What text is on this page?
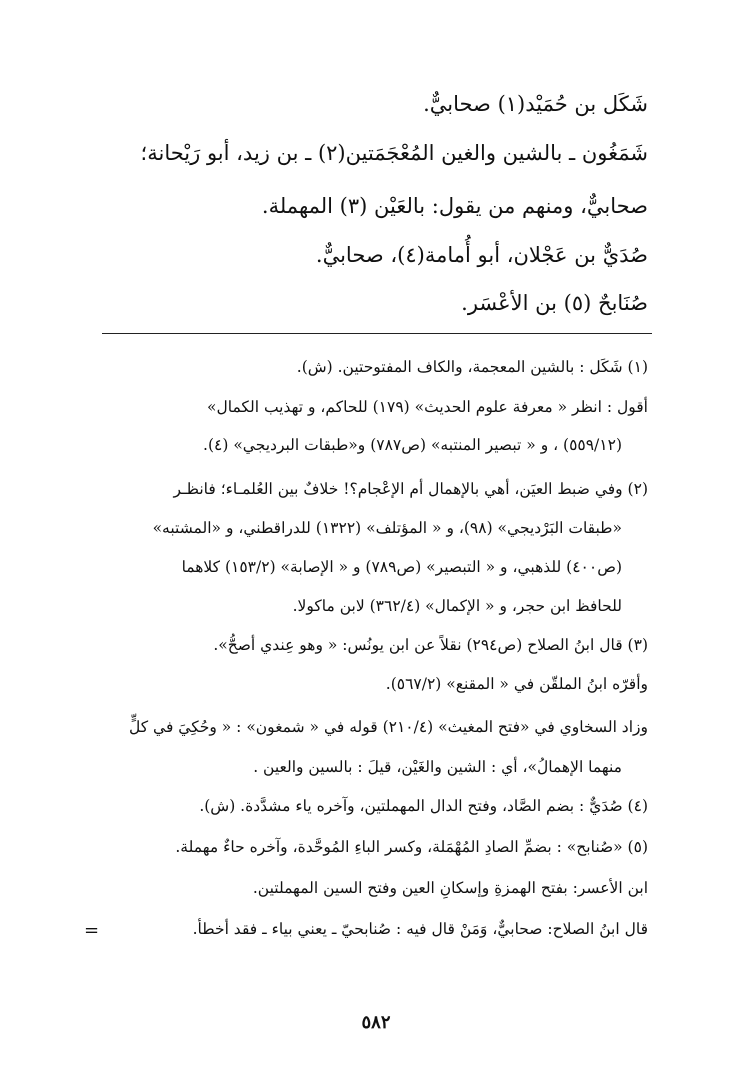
شَكَل بن حُمَيْد(١) صحابيٌّ.
شَمَغُون ـ بالشين والغين المُعْجَمَتين(٢) ـ بن زيد، أبو رَيْحانة؛
صحابيٌّ، ومنهم من يقول: بالعَيْن (٣) المهملة.
صُدَيٌّ بن عَجْلان، أبو أُمامة(٤)، صحابيٌّ.
صُنَابحٌ (٥) بن الأعْسَر.
(١) شَكَل : بالشين المعجمة، والكاف المفتوحتين. (ش).
أقول : انظر « معرفة علوم الحديث» (١٧٩) للحاكم، و تهذيب الكمال»
(٥٥٩/١٢) ، و « تبصير المنتبه» (ص٧٨٧) و«طبقات البرديجي» (٤).
(٢) وفي ضبط العيَن، أهي بالإهمال أم الإعْجام؟! خلافٌ بين العُلمـاء؛ فانظـر
«طبقات البَرْديجي» (٩٨)، و « المؤتلف» (١٣٢٢) للدراقطني، و «المشتبه»
(ص٤٠٠) للذهبي، و « التبصير» (ص٧٨٩) و « الإصابة» (١٥٣/٢) كلاهما
للحافظ ابن حجر، و « الإكمال» (٣٦٢/٤) لابن ماكولا.
(٣) قال ابنُ الصلاح (ص٢٩٤) نقلاً عن ابن يونُس: « وهو عِندي أصحُّ».
وأقرّه ابنُ الملقّن في « المقنع» (٥٦٧/٢).
وزاد السخاوي في «فتح المغيث» (٢١٠/٤) قوله في « شمغون» : « وحُكِيَ في كلٍّ
منهما الإهمالُ»، أي : الشين والغَيْن، قيلَ : بالسين والعين .
(٤) صُدَيٌّ : بضم الصَّاد، وفتح الدال المهملتين، وآخره ياء مشدَّدة. (ش).
(٥) «صُنابح» : بضمِّ الصادِ المُهْمَلة، وكسر الباءِ المُوحَّدة، وآخره حاءٌ مهملة.
ابن الأعسر: بفتح الهمزةِ وإسكانِ العين وفتح السين المهملتين.
قال ابنُ الصلاح: صحابيٌّ، وَمَنْ قال فيه : صُنابحيّ ـ يعني بياء ـ فقد أخطأ.
=
٥٨٢
